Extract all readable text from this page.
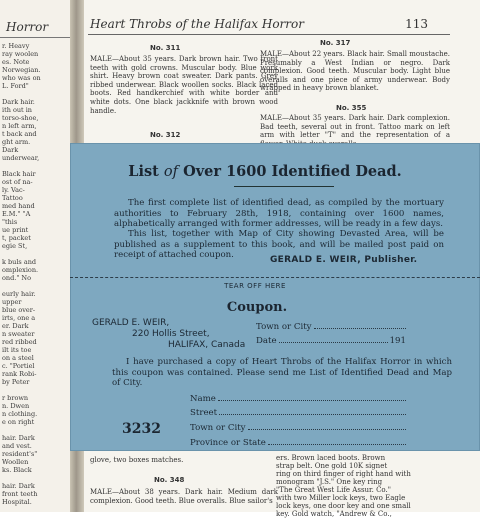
Horror
r. Heavy
ray woolen
es. Note
Norwegian.
who was on
L. Ford"
Dark hair.
ith out in
torso-shoe,
n left arm,
t back and
ght arm.
Dark
underwear,
Black hair
ost of na-
ly. Vac-
Tattoo
med hand
E.M." "A
"this
ue print
t, packet
egie St,
k buls and
omplexion.
ond." No
eurly hair.
upper
blue over-
irts, one a
er. Dark
n sweater
red ribbed
ilt its toe
on a steel
c. "Portiel
rank Robi-
by Peter
r brown
n. Dwen
n clothing.
e on right
hair. Dark
and vest.
resident's"
Woollen
ks. Black
hair. Dark
front teeth
Hospital.
Heart Throbs of the Halifax Horror	113
No. 311
MALE—About 35 years. Dark brown hair. Two front teeth with gold crowns. Muscular body. Blue work shirt. Heavy brown coat sweater. Dark pants. Grey ribbed underwear. Black woollen socks. Black laced boots. Red handkerchief with white border and white dots. One black jackknife with brown wood handle.
No. 312
No. 317
MALE—About 22 years. Black hair. Small moustache. Presumably a West Indian or negro. Dark complexion. Good teeth. Muscular body. Light blue overalls and one piece of army underwear. Body wrapped in heavy brown blanket.
No. 355
MALE—About 35 years. Dark hair. Dark complexion. Bad teeth, several out in front. Tattoo mark on left arm with letter "T" and the representation of a
glove, two boxes matches.
No. 348
MALE—About 38 years. Dark hair. Medium dark complexion. Good teeth. Blue overalls. Blue sailor's
ers. Brown laced boots. Brown
strap belt. One gold 10K signet
ring on third finger of right hand with
monogram "J.S." One key ring
"The Great West Life Assur. Co."
with two Miller lock keys, two Eagle
lock keys, one door key and one small
key. Gold watch, "Andrew & Co.,
List of Over 1600 Identified Dead.
The first complete list of identified dead, as compiled by the mortuary authorities to February 28th, 1918, containing over 1600 names, alphabetically arranged with former addresses, will be ready in a few days.
This list, together with Map of City showing Devasted Area, will be published as a supplement to this book, and will be mailed post paid on receipt of attached coupon.	GERALD E. WEIR, Publisher.
TEAR OFF HERE
Coupon.
GERALD E. WEIR,
220 Hollis Street,
HALIFAX, Canada
Town or City
Date	191
I have purchased a copy of Heart Throbs of the Halifax Horror in which this coupon was contained. Please send me List of Identified Dead and Map of City.
Name
Street
Town or City
Province or State
3232
